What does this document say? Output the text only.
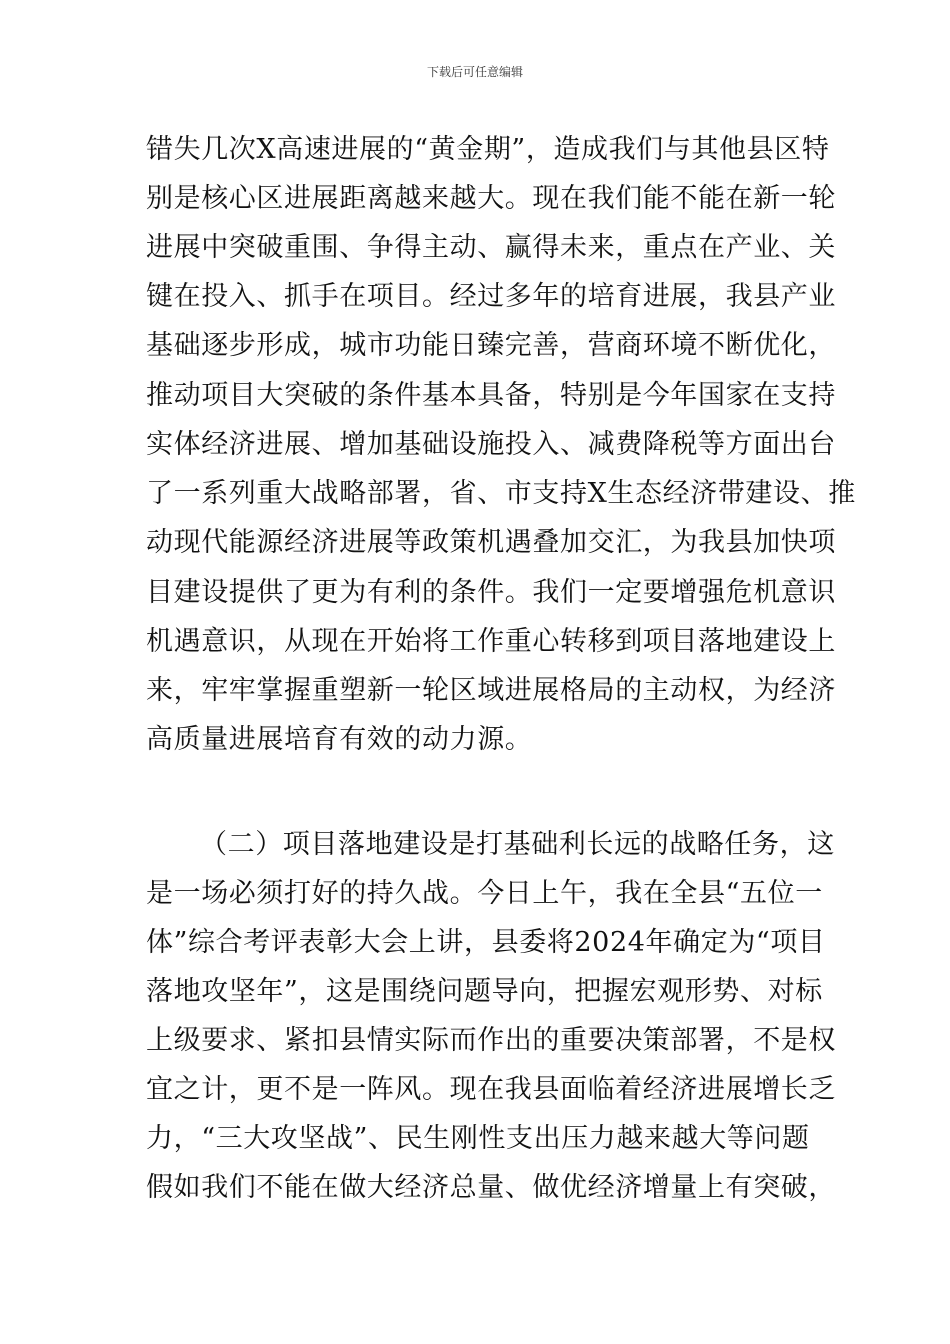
下载后可任意编辑
错失几次X高速进展的“黄金期”，造成我们与其他县区特
别是核心区进展距离越来越大。现在我们能不能在新一轮
进展中突破重围、争得主动、赢得未来，重点在产业、关
键在投入、抓手在项目。经过多年的培育进展，我县产业
基础逐步形成，城市功能日臻完善，营商环境不断优化，
推动项目大突破的条件基本具备，特别是今年国家在支持
实体经济进展、增加基础设施投入、减费降税等方面出台
了一系列重大战略部署，省、市支持X生态经济带建设、推
动现代能源经济进展等政策机遇叠加交汇，为我县加快项
目建设提供了更为有利的条件。我们一定要增强危机意识
机遇意识，从现在开始将工作重心转移到项目落地建设上
来，牢牢掌握重塑新一轮区域进展格局的主动权，为经济
高质量进展培育有效的动力源。
（二）项目落地建设是打基础利长远的战略任务，这
是一场必须打好的持久战。今日上午，我在全县“五位一
体”综合考评表彰大会上讲，县委将2024年确定为“项目
落地攻坚年”，这是围绕问题导向，把握宏观形势、对标
上级要求、紧扣县情实际而作出的重要决策部署，不是权
宜之计，更不是一阵风。现在我县面临着经济进展增长乏
力，“三大攻坚战”、民生刚性支出压力越来越大等问题
假如我们不能在做大经济总量、做优经济增量上有突破，
